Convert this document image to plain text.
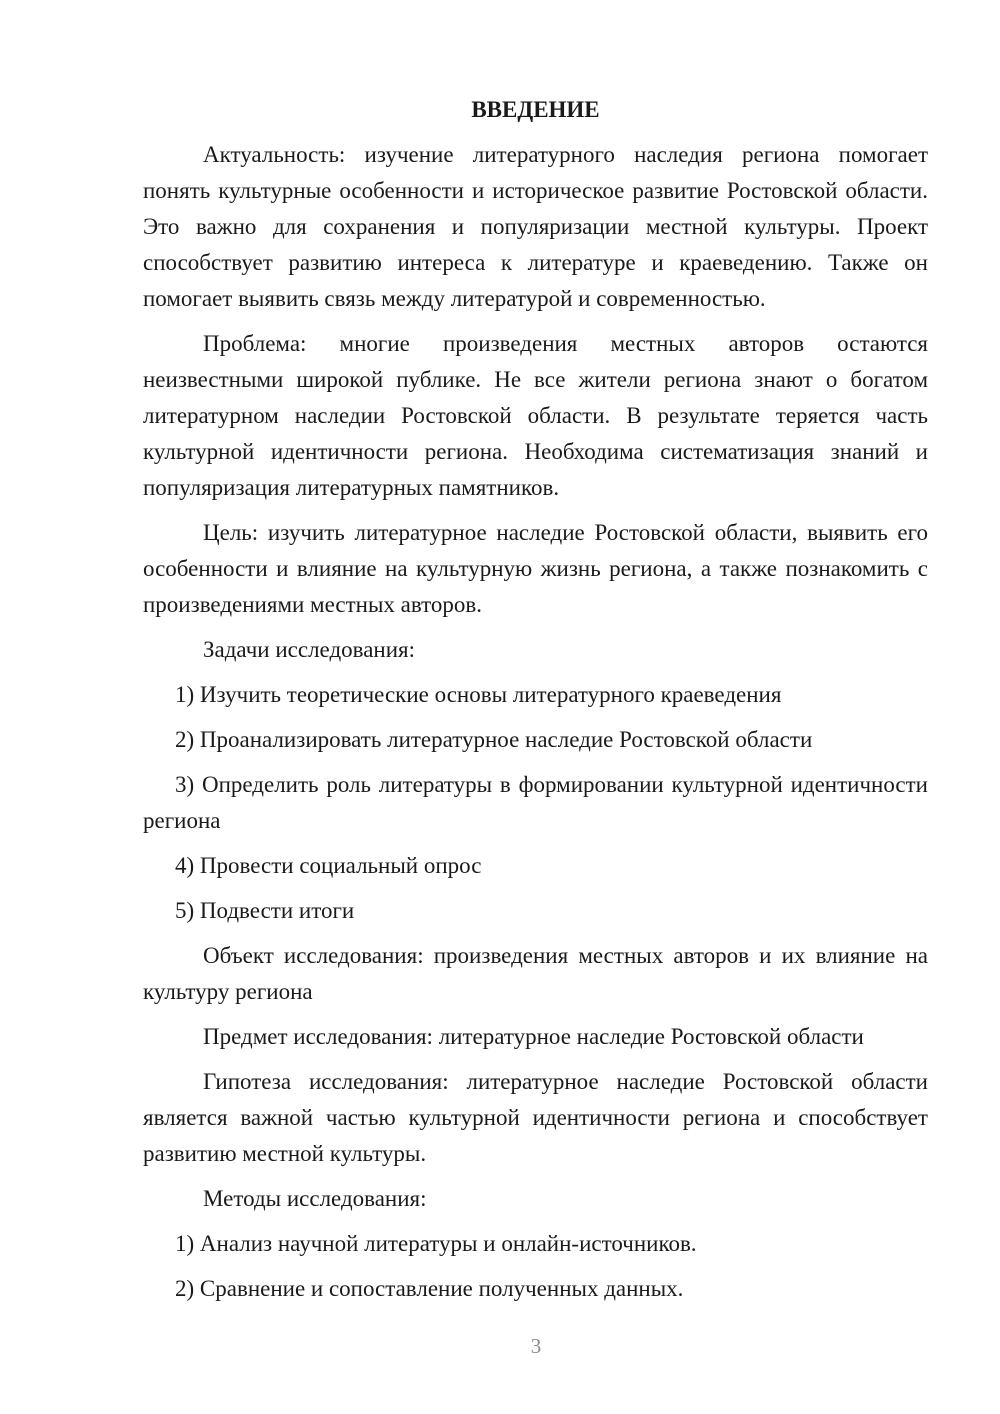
ВВЕДЕНИЕ

Актуальность: изучение литературного наследия региона помогает понять культурные особенности и историческое развитие Ростовской области. Это важно для сохранения и популяризации местной культуры. Проект способствует развитию интереса к литературе и краеведению. Также он помогает выявить связь между литературой и современностью.

Проблема: многие произведения местных авторов остаются неизвестными широкой публике. Не все жители региона знают о богатом литературном наследии Ростовской области. В результате теряется часть культурной идентичности региона. Необходима систематизация знаний и популяризация литературных памятников.

Цель: изучить литературное наследие Ростовской области, выявить его особенности и влияние на культурную жизнь региона, а также познакомить с произведениями местных авторов.

Задачи исследования:

1) Изучить теоретические основы литературного краеведения

2) Проанализировать литературное наследие Ростовской области

3) Определить роль литературы в формировании культурной идентичности региона

4) Провести социальный опрос

5) Подвести итоги

Объект исследования: произведения местных авторов и их влияние на культуру региона

Предмет исследования: литературное наследие Ростовской области

Гипотеза исследования: литературное наследие Ростовской области является важной частью культурной идентичности региона и способствует развитию местной культуры.

Методы исследования:

1) Анализ научной литературы и онлайн-источников.

2) Сравнение и сопоставление полученных данных.

3
